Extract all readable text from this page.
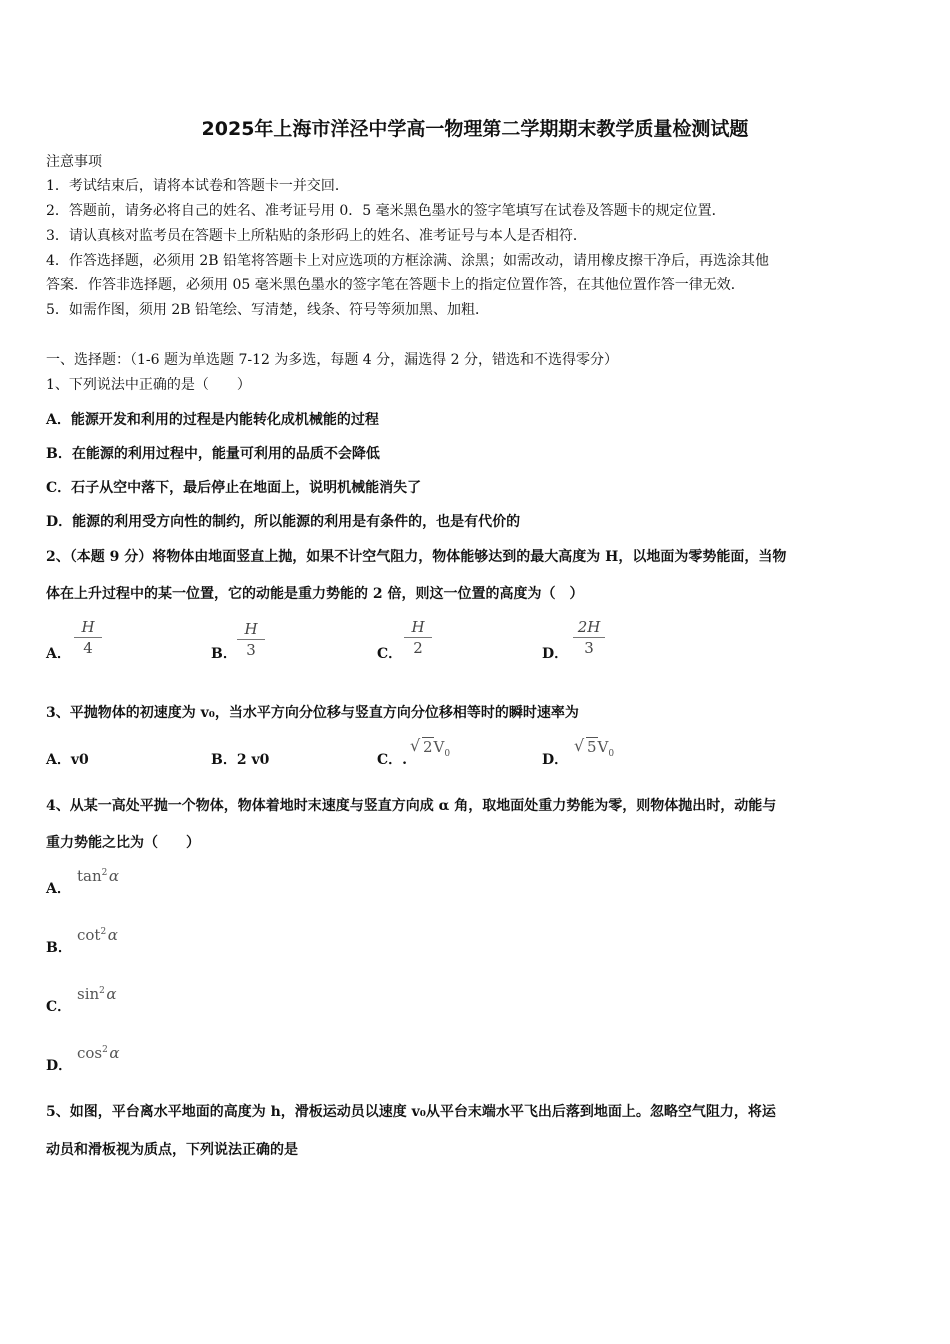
2025年上海市洋泾中学高一物理第二学期期末教学质量检测试题
注意事项
1．考试结束后，请将本试卷和答题卡一并交回．
2．答题前，请务必将自己的姓名、准考证号用 0．5 毫米黑色墨水的签字笔填写在试卷及答题卡的规定位置．
3．请认真核对监考员在答题卡上所粘贴的条形码上的姓名、准考证号与本人是否相符．
4．作答选择题，必须用 2B 铅笔将答题卡上对应选项的方框涂满、涂黑；如需改动，请用橡皮擦干净后，再选涂其他
答案．作答非选择题，必须用 05 毫米黑色墨水的签字笔在答题卡上的指定位置作答，在其他位置作答一律无效．
5．如需作图，须用 2B 铅笔绘、写清楚，线条、符号等须加黑、加粗．
一、选择题：（1-6 题为单选题 7-12 为多选，每题 4 分，漏选得 2 分，错选和不选得零分）
1、下列说法中正确的是（　　）
A．能源开发和利用的过程是内能转化成机械能的过程
B．在能源的利用过程中，能量可利用的品质不会降低
C．石子从空中落下，最后停止在地面上，说明机械能消失了
D．能源的利用受方向性的制约，所以能源的利用是有条件的，也是有代价的
2、（本题 9 分）将物体由地面竖直上抛，如果不计空气阻力，物体能够达到的最大高度为 H，以地面为零势能面，当物
体在上升过程中的某一位置，它的动能是重力势能的 2 倍，则这一位置的高度为（　）
A．
H
4	B．
H
3	C．
H
2	D．
2H
3
3、平抛物体的初速度为 v₀，当水平方向分位移与竖直方向分位移相等时的瞬时速率为
A．v0	B．2 v0	C．.
√ $2V_0$	D．
√ $5V_0$
4、从某一高处平抛一个物体，物体着地时末速度与竖直方向成 α 角，取地面处重力势能为零，则物体抛出时，动能与
重力势能之比为（　　）
A．
$\tan^2$  α
B．
$\cot^2$  α
C．
$\sin^2$  α
D．
$\cos^2$  α
5、如图，平台离水平地面的高度为 h，滑板运动员以速度 v₀从平台末端水平飞出后落到地面上。忽略空气阻力，将运
动员和滑板视为质点，下列说法正确的是
